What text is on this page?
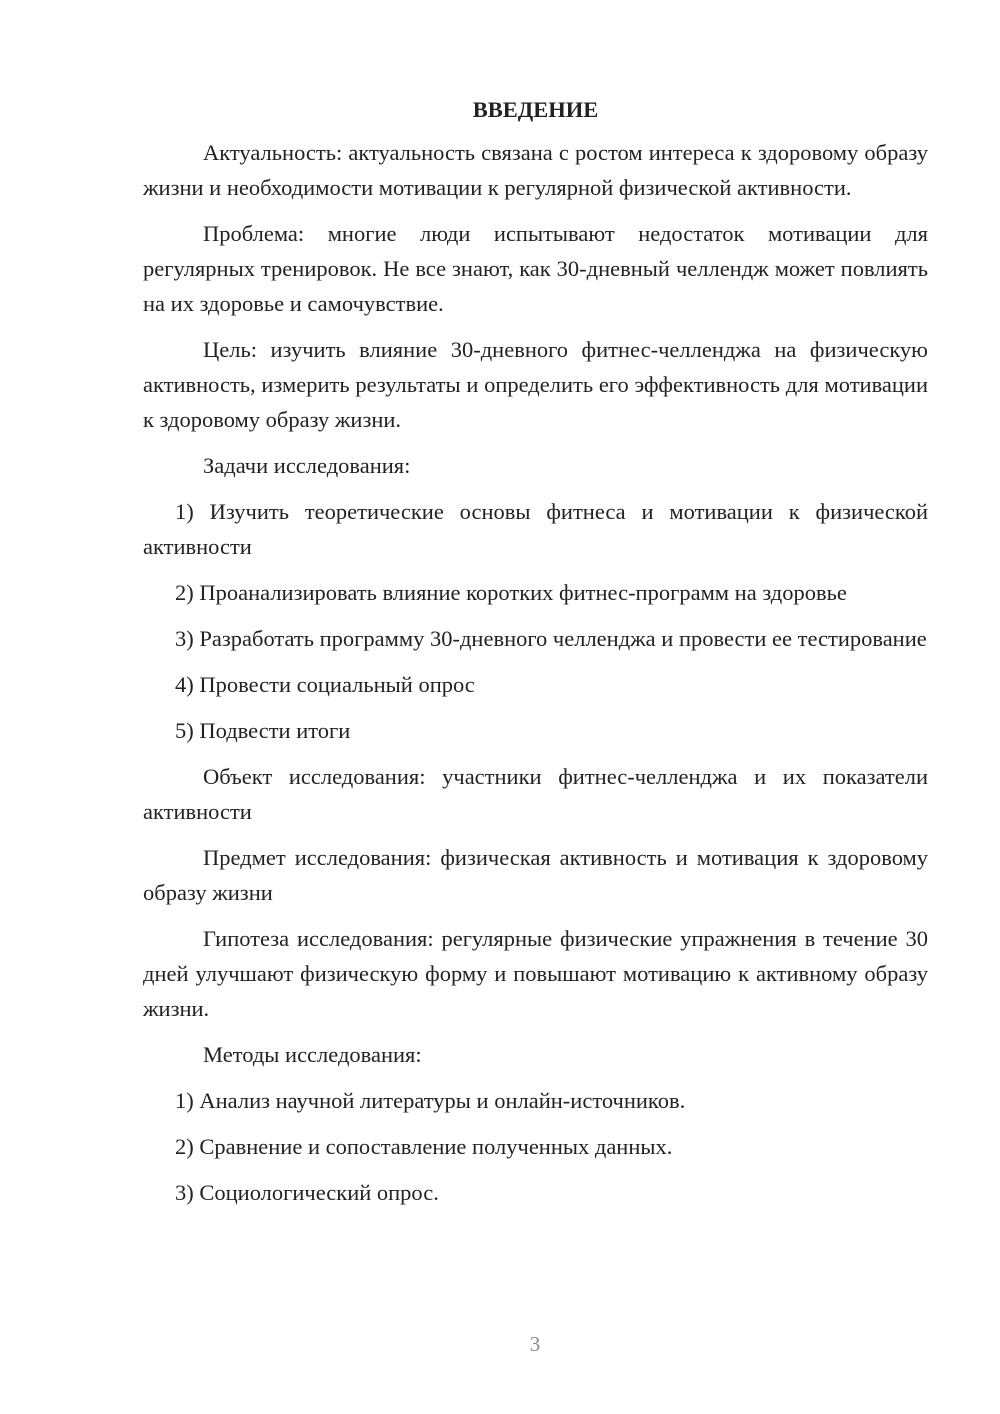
ВВЕДЕНИЕ

Актуальность: актуальность связана с ростом интереса к здоровому образу жизни и необходимости мотивации к регулярной физической активности.

Проблема: многие люди испытывают недостаток мотивации для регулярных тренировок. Не все знают, как 30-дневный челлендж может повлиять на их здоровье и самочувствие.

Цель: изучить влияние 30-дневного фитнес-челленджа на физическую активность, измерить результаты и определить его эффективность для мотивации к здоровому образу жизни.

Задачи исследования:

1) Изучить теоретические основы фитнеса и мотивации к физической активности

2) Проанализировать влияние коротких фитнес-программ на здоровье

3) Разработать программу 30-дневного челленджа и провести ее тестирование

4) Провести социальный опрос

5) Подвести итоги

Объект исследования: участники фитнес-челленджа и их показатели активности

Предмет исследования: физическая активность и мотивация к здоровому образу жизни

Гипотеза исследования: регулярные физические упражнения в течение 30 дней улучшают физическую форму и повышают мотивацию к активному образу жизни.

Методы исследования:

1) Анализ научной литературы и онлайн-источников.

2) Сравнение и сопоставление полученных данных.

3) Социологический опрос.

3
